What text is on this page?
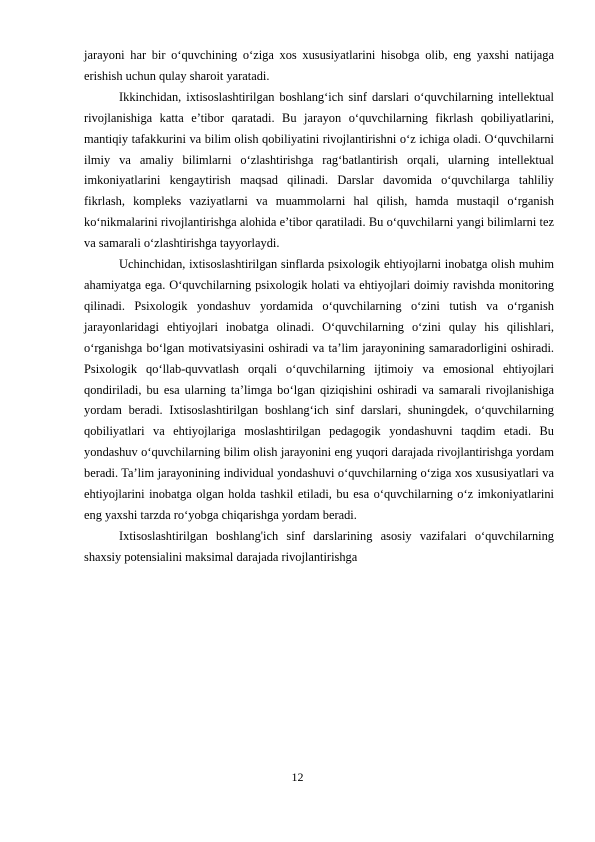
jarayoni har bir o‘quvchining o‘ziga xos xususiyatlarini hisobga olib, eng yaxshi natijaga erishish uchun qulay sharoit yaratadi.

Ikkinchidan, ixtisoslashtirilgan boshlang‘ich sinf darslari o‘quvchilarning intellektual rivojlanishiga katta e’tibor qaratadi. Bu jarayon o‘quvchilarning fikrlash qobiliyatlarini, mantiqiy tafakkurini va bilim olish qobiliyatini rivojlantirishni o‘z ichiga oladi. O‘quvchilarni ilmiy va amaliy bilimlarni o‘zlashtirishga rag‘batlantirish orqali, ularning intellektual imkoniyatlarini kengaytirish maqsad qilinadi. Darslar davomida o‘quvchilarga tahliliy fikrlash, kompleks vaziyatlarni va muammolarni hal qilish, hamda mustaqil o‘rganish ko‘nikmalarini rivojlantirishga alohida e’tibor qaratiladi. Bu o‘quvchilarni yangi bilimlarni tez va samarali o‘zlashtirishga tayyorlaydi.

Uchinchidan, ixtisoslashtirilgan sinflarda psixologik ehtiyojlarni inobatga olish muhim ahamiyatga ega. O‘quvchilarning psixologik holati va ehtiyojlari doimiy ravishda monitoring qilinadi. Psixologik yondashuv yordamida o‘quvchilarning o‘zini tutish va o‘rganish jarayonlaridagi ehtiyojlari inobatga olinadi. O‘quvchilarning o‘zini qulay his qilishlari, o‘rganishga bo‘lgan motivatsiyasini oshiradi va ta’lim jarayonining samaradorligini oshiradi. Psixologik qo‘llab-quvvatlash orqali o‘quvchilarning ijtimoiy va emosional ehtiyojlari qondiriladi, bu esa ularning ta’limga bo‘lgan qiziqishini oshiradi va samarali rivojlanishiga yordam beradi. Ixtisoslashtirilgan boshlang‘ich sinf darslari, shuningdek, o‘quvchilarning qobiliyatlari va ehtiyojlariga moslashtirilgan pedagogik yondashuvni taqdim etadi. Bu yondashuv o‘quvchilarning bilim olish jarayonini eng yuqori darajada rivojlantirishga yordam beradi. Ta’lim jarayonining individual yondashuvi o‘quvchilarning o‘ziga xos xususiyatlari va ehtiyojlarini inobatga olgan holda tashkil etiladi, bu esa o‘quvchilarning o‘z imkoniyatlarini eng yaxshi tarzda ro‘yobga chiqarishga yordam beradi.

Ixtisoslashtirilgan boshlang'ich sinf darslarining asosiy vazifalari o‘quvchilarning shaxsiy potensialini maksimal darajada rivojlantirishga

12
